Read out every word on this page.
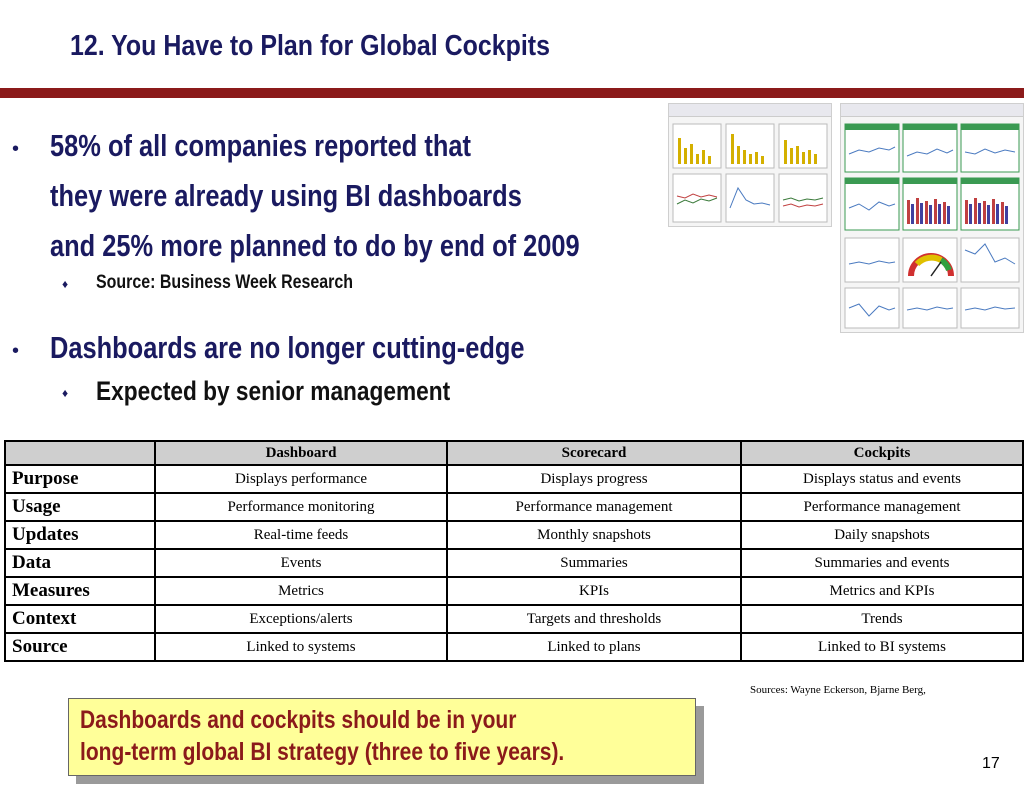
12. You Have to Plan for Global Cockpits
• 58% of all companies reported that
they were already using BI dashboards
and 25% more planned to do by end of 2009
♦ Source: Business Week Research
• Dashboards are no longer cutting-edge
♦ Expected by senior management
	Dashboard	Scorecard	Cockpits
Purpose	Displays performance	Displays progress	Displays status and events
Usage	Performance monitoring	Performance management	Performance management
Updates	Real-time feeds	Monthly snapshots	Daily snapshots
Data	Events	Summaries	Summaries and events
Measures	Metrics	KPIs	Metrics and KPIs
Context	Exceptions/alerts	Targets and thresholds	Trends
Source	Linked to systems	Linked to plans	Linked to BI systems
Sources: Wayne Eckerson, Bjarne Berg,
Dashboards and cockpits should be in your
long-term global BI strategy (three to five years).	17
